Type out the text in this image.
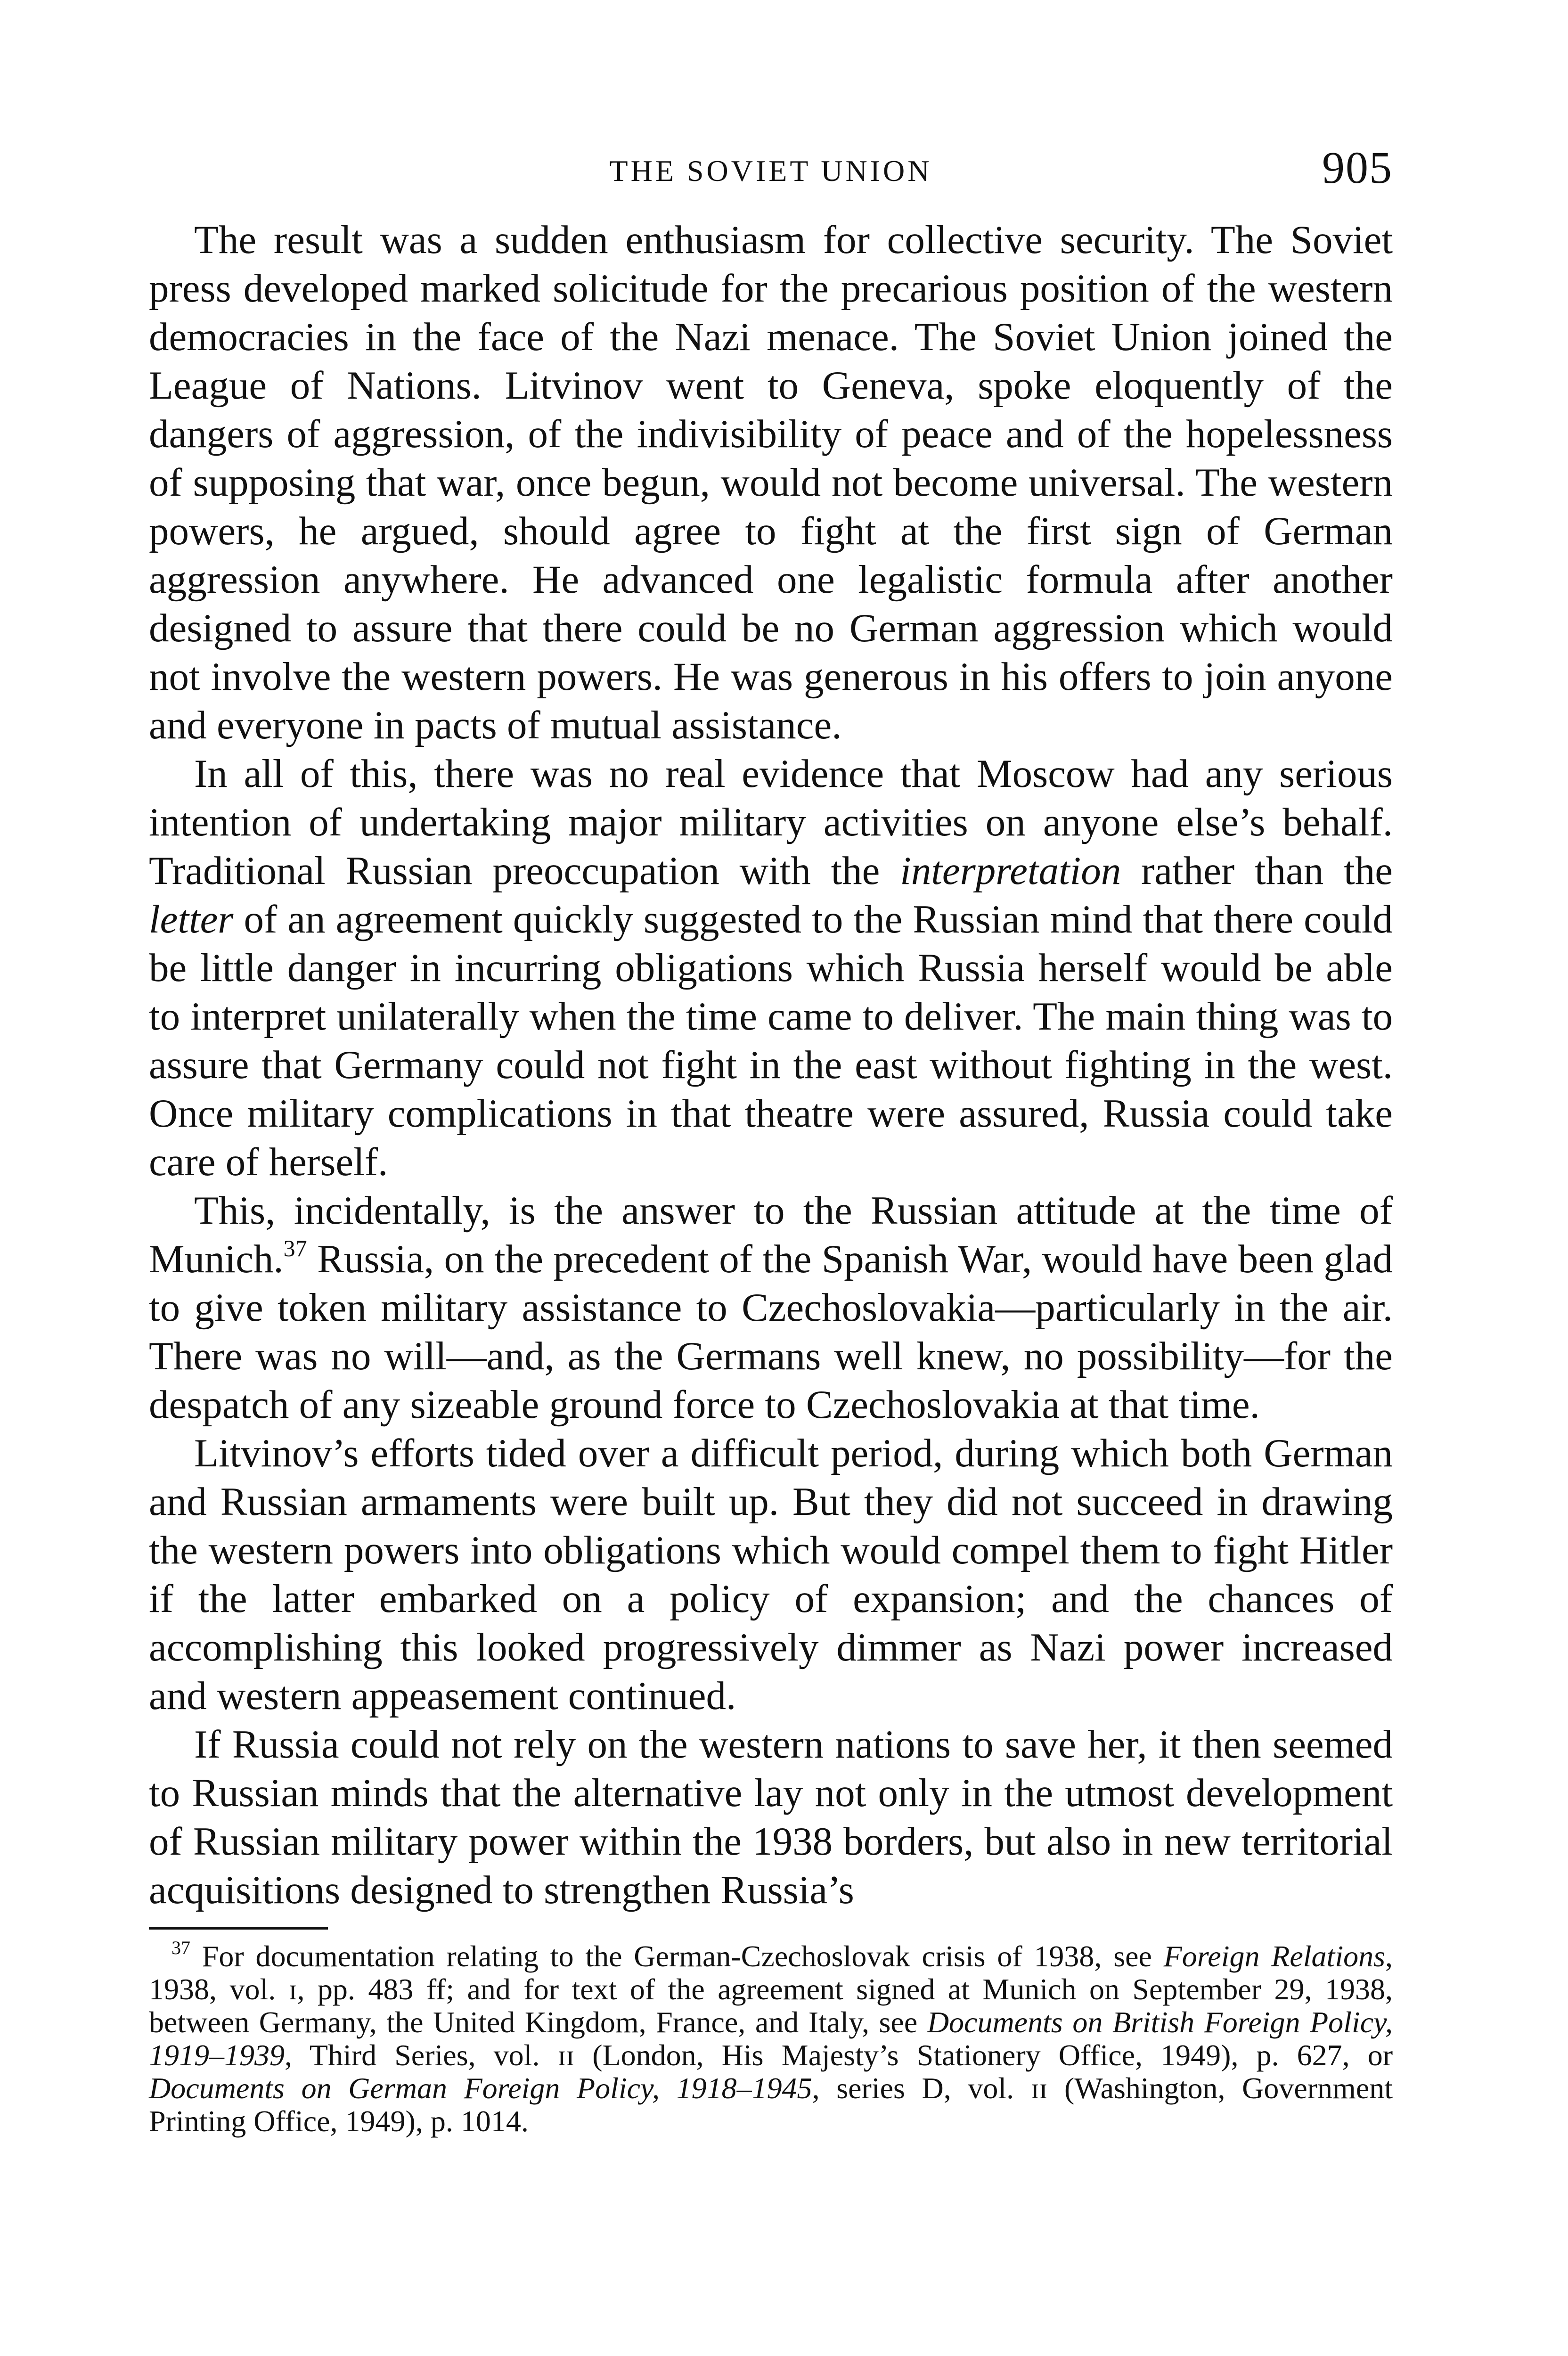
THE SOVIET UNION	905

The result was a sudden enthusiasm for collective security. The Soviet press developed marked solicitude for the precarious position of the western democracies in the face of the Nazi menace. The Soviet Union joined the League of Nations. Litvinov went to Geneva, spoke eloquently of the dangers of aggression, of the indivisibility of peace and of the hopelessness of supposing that war, once begun, would not become universal. The western powers, he argued, should agree to fight at the first sign of German aggression anywhere. He advanced one legalistic formula after another designed to assure that there could be no German aggression which would not involve the western powers. He was generous in his offers to join anyone and everyone in pacts of mutual assistance.

In all of this, there was no real evidence that Moscow had any serious intention of undertaking major military activities on anyone else’s behalf. Traditional Russian preoccupation with the interpretation rather than the letter of an agreement quickly suggested to the Russian mind that there could be little danger in incurring obligations which Russia herself would be able to interpret unilaterally when the time came to deliver. The main thing was to assure that Germany could not fight in the east without fighting in the west. Once military complications in that theatre were assured, Russia could take care of herself.

This, incidentally, is the answer to the Russian attitude at the time of Munich.$^{37}$ Russia, on the precedent of the Spanish War, would have been glad to give token military assistance to Czechoslovakia—particularly in the air. There was no will—and, as the Germans well knew, no possibility—for the despatch of any sizeable ground force to Czechoslovakia at that time.

Litvinov’s efforts tided over a difficult period, during which both German and Russian armaments were built up. But they did not succeed in drawing the western powers into obligations which would compel them to fight Hitler if the latter embarked on a policy of expansion; and the chances of accomplishing this looked progressively dimmer as Nazi power increased and western appeasement continued.

If Russia could not rely on the western nations to save her, it then seemed to Russian minds that the alternative lay not only in the utmost development of Russian military power within the 1938 borders, but also in new territorial acquisitions designed to strengthen Russia’s

$^{37}$ For documentation relating to the German-Czechoslovak crisis of 1938, see Foreign Relations, 1938, vol. ɪ, pp. 483 ff; and for text of the agreement signed at Munich on September 29, 1938, between Germany, the United Kingdom, France, and Italy, see Documents on British Foreign Policy, 1919–1939, Third Series, vol. ɪɪ (London, His Majesty’s Stationery Office, 1949), p. 627, or Documents on German Foreign Policy, 1918–1945, series D, vol. ɪɪ (Washington, Government Printing Office, 1949), p. 1014.
